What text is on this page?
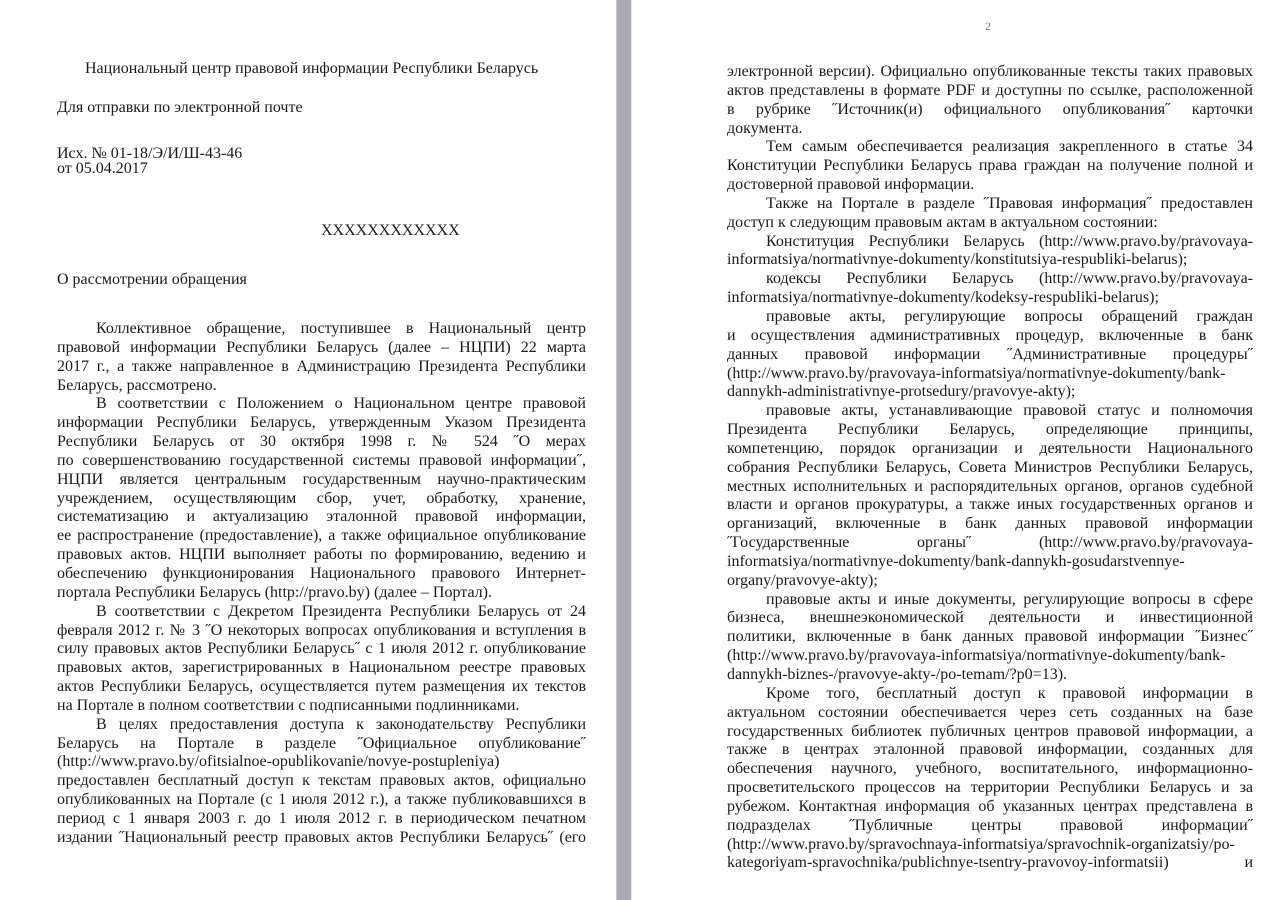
Национальный центр правовой информации Республики Беларусь
Для отправки по электронной почте
Исх. № 01-18/Э/И/Ш-43-46
от 05.04.2017
XXXXXXXXXXXX
О рассмотрении обращения
Коллективное обращение, поступившее в Национальный центр
правовой информации Республики Беларусь (далее – НЦПИ) 22 марта
2017 г., а также направленное в Администрацию Президента Республики
Беларусь, рассмотрено.
В соответствии с Положением о Национальном центре правовой
информации Республики Беларусь, утвержденным Указом Президента
Республики Беларусь от 30 октября 1998 г. № 524 ˝О мерах
по совершенствованию государственной системы правовой информации˝,
НЦПИ является центральным государственным научно-практическим
учреждением, осуществляющим сбор, учет, обработку, хранение,
систематизацию и актуализацию эталонной правовой информации,
ее распространение (предоставление), а также официальное опубликование
правовых актов. НЦПИ выполняет работы по формированию, ведению и
обеспечению функционирования Национального правового Интернет-
портала Республики Беларусь (http://pravo.by) (далее – Портал).
В соответствии с Декретом Президента Республики Беларусь от 24
февраля 2012 г. № 3 ˝О некоторых вопросах опубликования и вступления в
силу правовых актов Республики Беларусь˝ с 1 июля 2012 г. опубликование
правовых актов, зарегистрированных в Национальном реестре правовых
актов Республики Беларусь, осуществляется путем размещения их текстов
на Портале в полном соответствии с подписанными подлинниками.
В целях предоставления доступа к законодательству Республики
Беларусь на Портале в разделе ˝Официальное опубликование˝
(http://www.pravo.by/ofitsialnoe-opublikovanie/novye-postupleniya)
предоставлен бесплатный доступ к текстам правовых актов, официально
опубликованных на Портале (с 1 июля 2012 г.), а также публиковавшихся в
период с 1 января 2003 г. до 1 июля 2012 г. в периодическом печатном
издании ˝Национальный реестр правовых актов Республики Беларусь˝ (его
2
электронной версии). Официально опубликованные тексты таких правовых
актов представлены в формате PDF и доступны по ссылке, расположенной
в рубрике ˝Источник(и) официального опубликования˝ карточки
документа.
Тем самым обеспечивается реализация закрепленного в статье 34
Конституции Республики Беларусь права граждан на получение полной и
достоверной правовой информации.
Также на Портале в разделе ˝Правовая информация˝ предоставлен
доступ к следующим правовым актам в актуальном состоянии:
Конституция Республики Беларусь (http://www.pravo.by/pravovaya-
informatsiya/normativnye-dokumenty/konstitutsiya-respubliki-belarus);
кодексы Республики Беларусь (http://www.pravo.by/pravovaya-
informatsiya/normativnye-dokumenty/kodeksy-respubliki-belarus);
правовые акты, регулирующие вопросы обращений граждан
и осуществления административных процедур, включенные в банк
данных правовой информации ˝Административные процедуры˝
(http://www.pravo.by/pravovaya-informatsiya/normativnye-dokumenty/bank-
dannykh-administrativnye-protsedury/pravovye-akty);
правовые акты, устанавливающие правовой статус и полномочия
Президента Республики Беларусь, определяющие принципы,
компетенцию, порядок организации и деятельности Национального
собрания Республики Беларусь, Совета Министров Республики Беларусь,
местных исполнительных и распорядительных органов, органов судебной
власти и органов прокуратуры, а также иных государственных органов и
организаций, включенные в банк данных правовой информации
˝Государственные органы˝ (http://www.pravo.by/pravovaya-
informatsiya/normativnye-dokumenty/bank-dannykh-gosudarstvennye-
organy/pravovye-akty);
правовые акты и иные документы, регулирующие вопросы в сфере
бизнеса, внешнеэкономической деятельности и инвестиционной
политики, включенные в банк данных правовой информации ˝Бизнес˝
(http://www.pravo.by/pravovaya-informatsiya/normativnye-dokumenty/bank-
dannykh-biznes-/pravovye-akty-/po-temam/?p0=13).
Кроме того, бесплатный доступ к правовой информации в
актуальном состоянии обеспечивается через сеть созданных на базе
государственных библиотек публичных центров правовой информации, а
также в центрах эталонной правовой информации, созданных для
обеспечения научного, учебного, воспитательного, информационно-
просветительского процессов на территории Республики Беларусь и за
рубежом. Контактная информация об указанных центрах представлена в
подразделах ˝Публичные центры правовой информации˝
(http://www.pravo.by/spravochnaya-informatsiya/spravochnik-organizatsiy/po-
kategoriyam-spravochnika/publichnye-tsentry-pravovoy-informatsii) и
